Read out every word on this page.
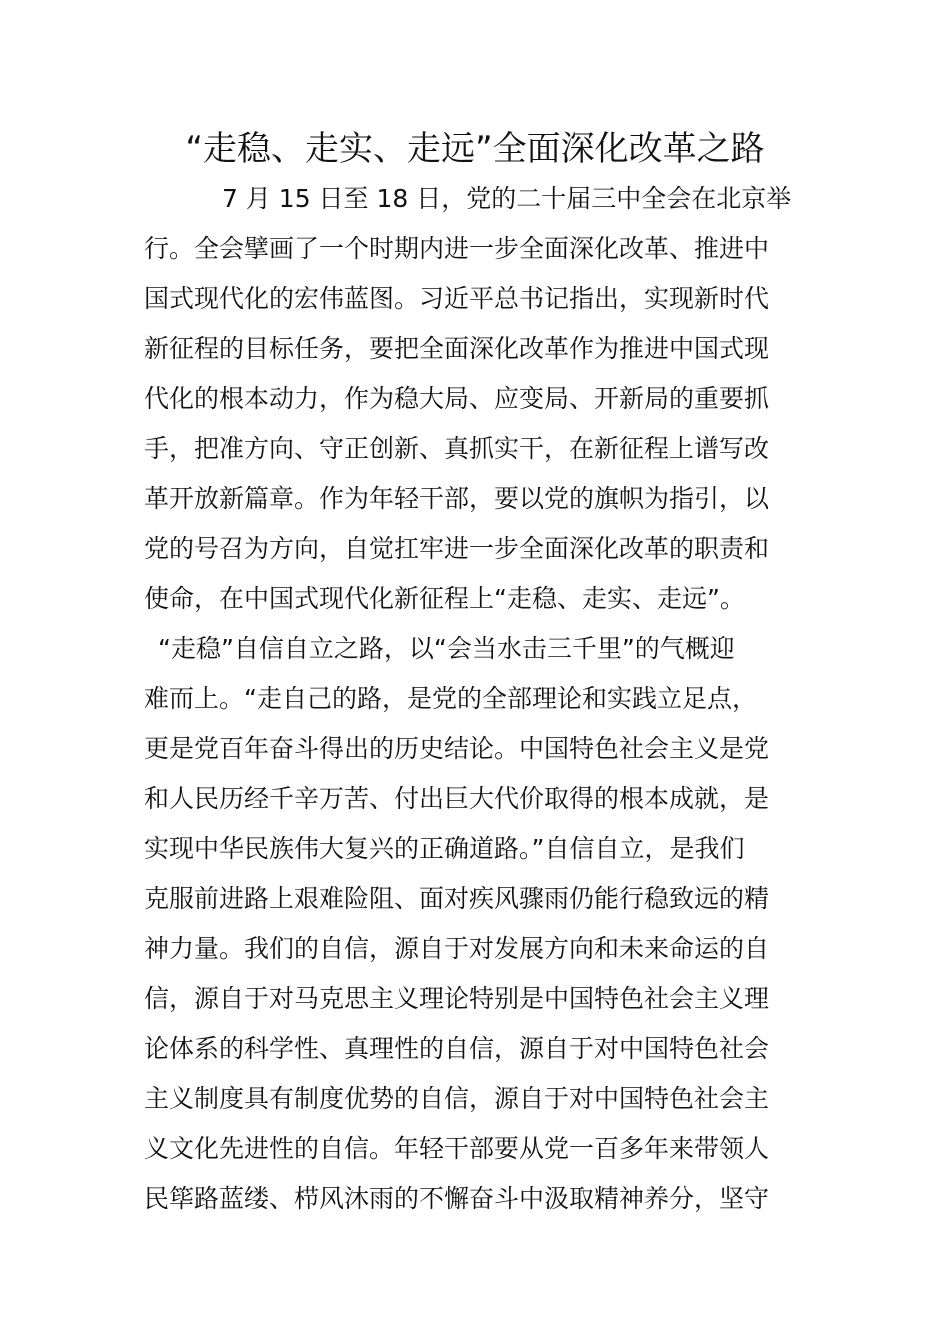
“走稳、走实、走远”全面深化改革之路
7 月 15 日至 18 日，党的二十届三中全会在北京举
行。全会擘画了一个时期内进一步全面深化改革、推进中
国式现代化的宏伟蓝图。习近平总书记指出，实现新时代
新征程的目标任务，要把全面深化改革作为推进中国式现
代化的根本动力，作为稳大局、应变局、开新局的重要抓
手，把准方向、守正创新、真抓实干，在新征程上谱写改
革开放新篇章。作为年轻干部，要以党的旗帜为指引，以
党的号召为方向，自觉扛牢进一步全面深化改革的职责和
使命，在中国式现代化新征程上“走稳、走实、走远”。
“走稳”自信自立之路，以“会当水击三千里”的气概迎
难而上。“走自己的路，是党的全部理论和实践立足点，
更是党百年奋斗得出的历史结论。中国特色社会主义是党
和人民历经千辛万苦、付出巨大代价取得的根本成就，是
实现中华民族伟大复兴的正确道路。”自信自立，是我们
克服前进路上艰难险阻、面对疾风骤雨仍能行稳致远的精
神力量。我们的自信，源自于对发展方向和未来命运的自
信，源自于对马克思主义理论特别是中国特色社会主义理
论体系的科学性、真理性的自信，源自于对中国特色社会
主义制度具有制度优势的自信，源自于对中国特色社会主
义文化先进性的自信。年轻干部要从党一百多年来带领人
民筚路蓝缕、栉风沐雨的不懈奋斗中汲取精神养分，坚守
